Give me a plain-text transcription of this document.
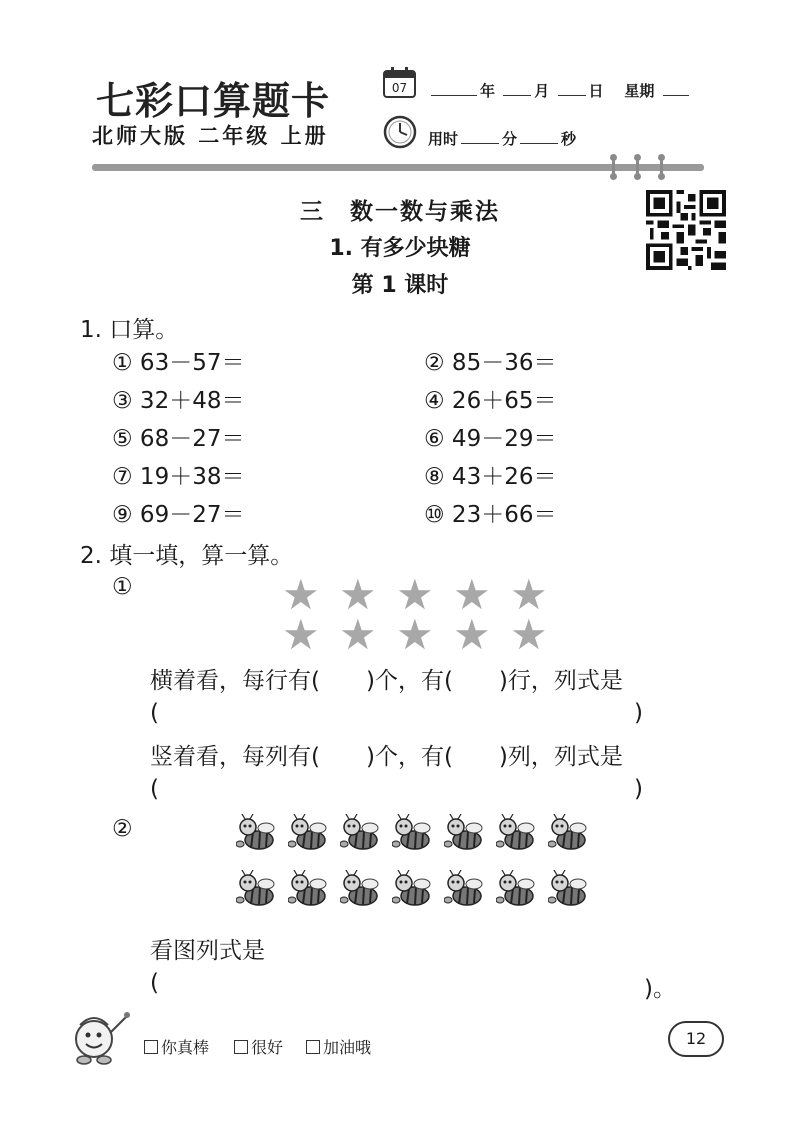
七彩口算题卡
北师大版 二年级 上册
07	年	月	日 星期
用时	分	秒
三　数一数与乘法
1. 有多少块糖
第 1 课时
1. 口算。
① 63－57＝	② 85－36＝
③ 32＋48＝	④ 26＋65＝
⑤ 68－27＝	⑥ 49－29＝
⑦ 19＋38＝	⑧ 43＋26＝
⑨ 69－27＝	⑩ 23＋66＝
2. 填一填，算一算。
①	★ ★ ★ ★ ★
★ ★ ★ ★ ★
横着看，每行有(　　)个，有(　　)行，列式是
(	)
竖着看，每列有(　　)个，有(　　)列，列式是
(	)
②
看图列式是
(	)。
你真棒	很好	加油哦	12
